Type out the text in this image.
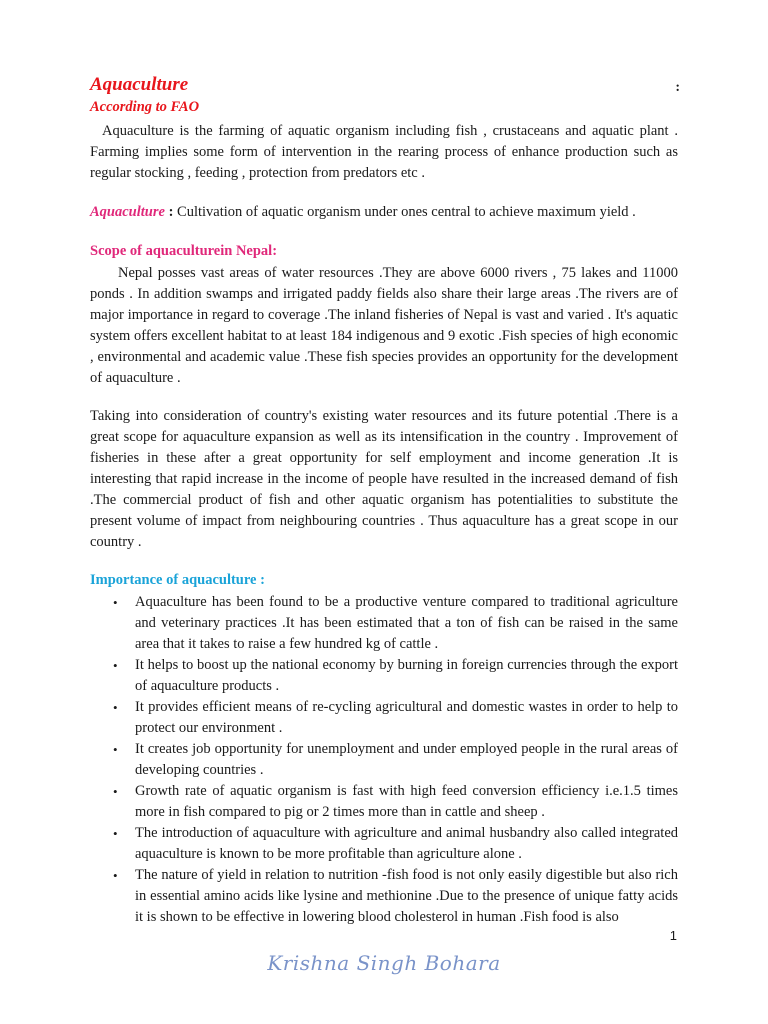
Aquaculture	:
According to FAO

Aquaculture is the farming of aquatic organism including fish , crustaceans and aquatic plant . Farming implies some form of intervention in the rearing process of enhance production such as regular stocking , feeding , protection from predators etc .

Aquaculture : Cultivation of aquatic organism under ones central to achieve maximum yield .

Scope of aquaculturein Nepal:

Nepal posses vast areas of water resources .They are above 6000 rivers , 75 lakes and 11000 ponds . In addition swamps and irrigated paddy fields also share their large areas .The rivers are of major importance in regard to coverage .The inland fisheries of Nepal is vast and varied . It's aquatic system offers excellent habitat to at least 184 indigenous and 9 exotic .Fish species of high economic , environmental and academic value .These fish species provides an opportunity for the development of aquaculture .

Taking into consideration of country's existing water resources and its future potential .There is a great scope for aquaculture expansion as well as its intensification in the country . Improvement of fisheries in these after a great opportunity for self employment and income generation .It is interesting that rapid increase in the income of people have resulted in the increased demand of fish .The commercial product of fish and other aquatic organism has potentialities to substitute the present volume of impact from neighbouring countries . Thus aquaculture has a great scope in our country .

Importance of aquaculture :
• Aquaculture has been found to be a productive venture compared to traditional agriculture and veterinary practices .It has been estimated that a ton of fish can be raised in the same area that it takes to raise a few hundred kg of cattle .
• It helps to boost up the national economy by burning in foreign currencies through the export of aquaculture products .
• It provides efficient means of re-cycling agricultural and domestic wastes in order to help to protect our environment .
• It creates job opportunity for unemployment and under employed people in the rural areas of developing countries .
• Growth rate of aquatic organism is fast with high feed conversion efficiency i.e.1.5 times more in fish compared to pig or 2 times more than in cattle and sheep .
• The introduction of aquaculture with agriculture and animal husbandry also called integrated aquaculture is known to be more profitable than agriculture alone .
• The nature of yield in relation to nutrition -fish food is not only easily digestible but also rich in essential amino acids like lysine and methionine .Due to the presence of unique fatty acids it is shown to be effective in lowering blood cholesterol in human .Fish food is also
1
Krishna Singh Bohara
